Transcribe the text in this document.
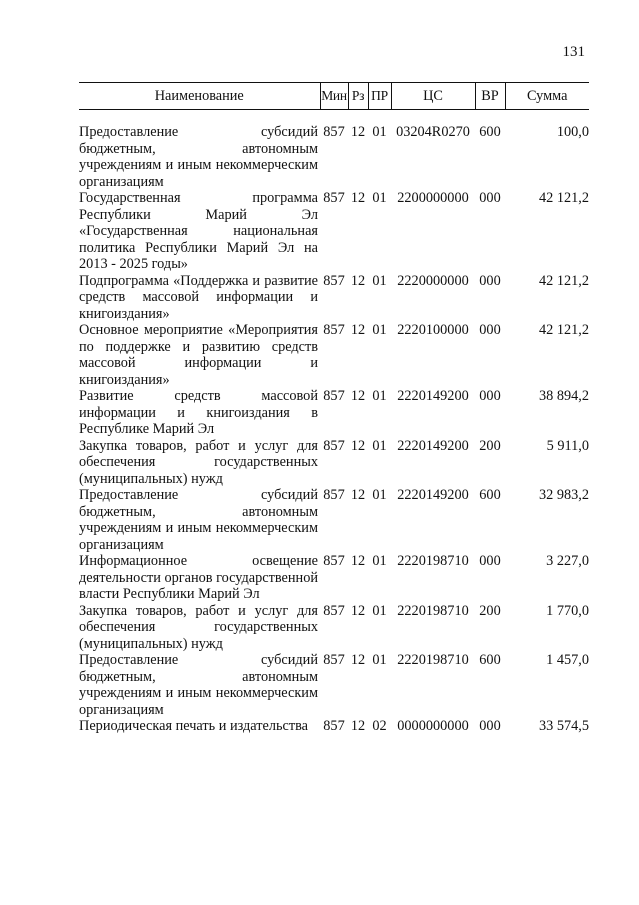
131
Наименование	Мин	Рз	ПР	ЦС	ВР	Сумма

Предоставление субсидий бюджетным, автономным учреждениям и иным некоммерческим организациям	857	12	01	03204R0270	600	100,0
Государственная программа Республики Марий Эл «Государственная национальная политика Республики Марий Эл на 2013 - 2025 годы»	857	12	01	2200000000	000	42 121,2
Подпрограмма «Поддержка и развитие средств массовой информации и книгоиздания»	857	12	01	2220000000	000	42 121,2
Основное мероприятие «Мероприятия по поддержке и развитию средств массовой информации и книгоиздания»	857	12	01	2220100000	000	42 121,2
Развитие средств массовой информации и книгоиздания в Республике Марий Эл	857	12	01	2220149200	000	38 894,2
Закупка товаров, работ и услуг для обеспечения государственных (муниципальных) нужд	857	12	01	2220149200	200	5 911,0
Предоставление субсидий бюджетным, автономным учреждениям и иным некоммерческим организациям	857	12	01	2220149200	600	32 983,2
Информационное освещение деятельности органов государственной власти Республики Марий Эл	857	12	01	2220198710	000	3 227,0
Закупка товаров, работ и услуг для обеспечения государственных (муниципальных) нужд	857	12	01	2220198710	200	1 770,0
Предоставление субсидий бюджетным, автономным учреждениям и иным некоммерческим организациям	857	12	01	2220198710	600	1 457,0
Периодическая печать и издательства	857	12	02	0000000000	000	33 574,5
